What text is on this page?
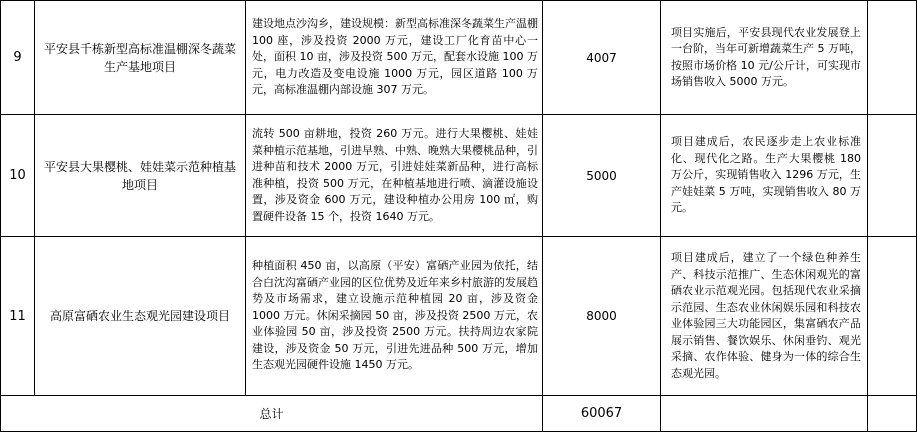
9	平安县千栋新型高标准温棚深冬蔬菜生产基地项目	建设地点沙沟乡，建设规模：新型高标准深冬蔬菜生产温棚 100 座，涉及投资 2000 万元，建设工厂化育苗中心一处，面积 10 亩，涉及投资 500 万元，配套水设施 100 万元，电力改造及变电设施 1000 万元，园区道路 100 万元，高标准温棚内部设施 307 万元。	4007	项目实施后，平安县现代农业发展登上一台阶，当年可新增蔬菜生产 5 万吨，按照市场价格 10 元/公斤计，可实现市场销售收入 5000 万元。	
10	平安县大果樱桃、娃娃菜示范种植基地项目	流转 500 亩耕地，投资 260 万元。进行大果樱桃、娃娃菜种植示范基地，引进早熟、中熟、晚熟大果樱桃品种，引进种苗和技术 2000 万元，引进娃娃菜新品种，进行高标准种植，投资 500 万元，在种植基地进行喷、滴灌设施设置，涉及资金 600 万元，建设种植办公用房 100 ㎡，购置硬件设备 15 个，投资 1640 万元。	5000	项目建成后，农民逐步走上农业标准化、现代化之路。生产大果樱桃 180 万公斤，实现销售收入 1296 万元，生产娃娃菜 5 万吨，实现销售收入 80 万元。	
11	高原富硒农业生态观光园建设项目	种植面积 450 亩，以高原（平安）富硒产业园为依托，结合白沈沟富硒产业园的区位优势及近年来乡村旅游的发展趋势及市场需求，建立设施示范种植园 20 亩，涉及资金 1000 万元。休闲采摘园 50 亩，涉及投资 2500 万元，农业体验园 50 亩，涉及投资 2500 万元。扶持周边农家院建设，涉及资金 50 万元，引进先进品种 500 万元，增加生态观光园硬件设施 1450 万元。	8000	项目建成后，建立了一个绿色种养生产、科技示范推广、生态休闲观光的富硒农业示范观光园。包括现代农业采摘示范园、生态农业休闲娱乐园和科技农业体验园三大功能园区，集富硒农产品展示销售、餐饮娱乐、休闲垂钓、观光采摘、农作体验、健身为一体的综合生态观光园。	
总计			60067		
